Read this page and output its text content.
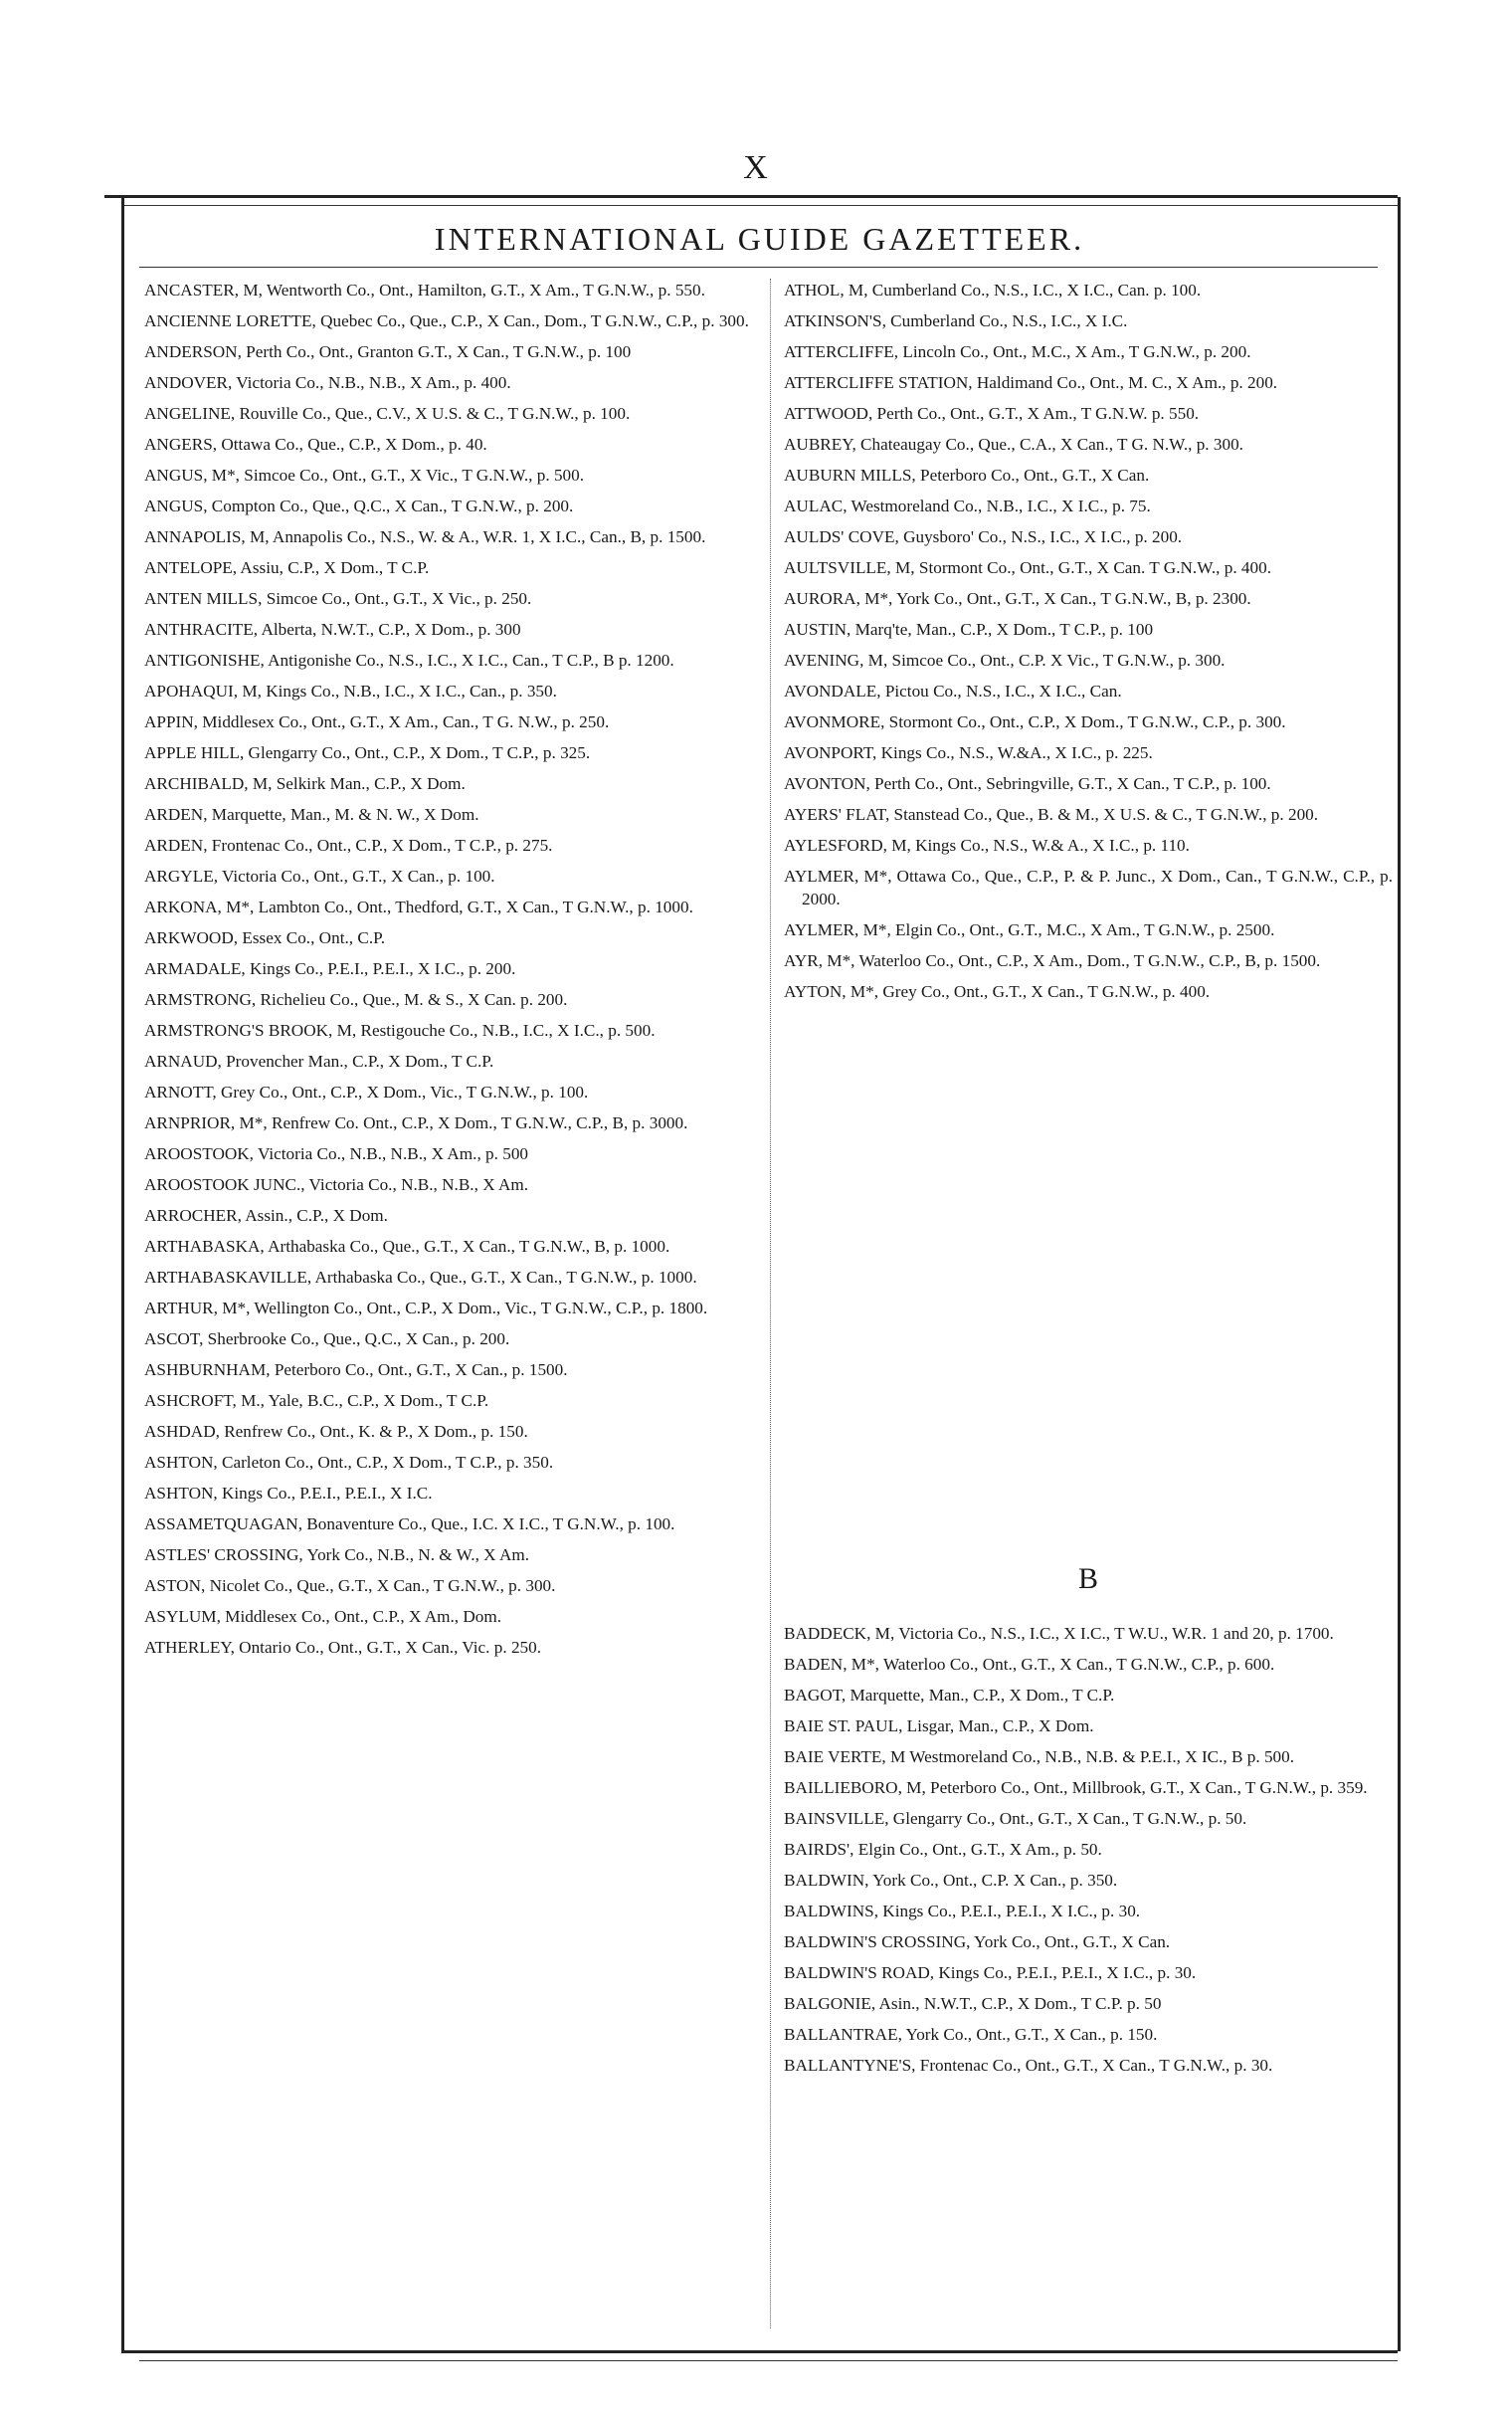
X
INTERNATIONAL GUIDE GAZETTEER.
ANCASTER, M, Wentworth Co., Ont., Hamilton, G.T., X Am., T G.N.W., p. 550.
ANCIENNE LORETTE, Quebec Co., Que., C.P., X Can., Dom., T G.N.W., C.P., p. 300.
ANDERSON, Perth Co., Ont., Granton G.T., X Can., T G.N.W., p. 100
ANDOVER, Victoria Co., N.B., N.B., X Am., p. 400.
ANGELINE, Rouville Co., Que., C.V., X U.S. & C., T G.N.W., p. 100.
ANGERS, Ottawa Co., Que., C.P., X Dom., p. 40.
ANGUS, M*, Simcoe Co., Ont., G.T., X Vic., T G.N.W., p. 500.
ANGUS, Compton Co., Que., Q.C., X Can., T G.N.W., p. 200.
ANNAPOLIS, M, Annapolis Co., N.S., W. & A., W.R. 1, X I.C., Can., B, p. 1500.
ANTELOPE, Assiu, C.P., X Dom., T C.P.
ANTEN MILLS, Simcoe Co., Ont., G.T., X Vic., p. 250.
ANTHRACITE, Alberta, N.W.T., C.P., X Dom., p. 300
ANTIGONISHE, Antigonishe Co., N.S., I.C., X I.C., Can., T C.P., B p. 1200.
APOHAQUI, M, Kings Co., N.B., I.C., X I.C., Can., p. 350.
APPIN, Middlesex Co., Ont., G.T., X Am., Can., T G. N.W., p. 250.
APPLE HILL, Glengarry Co., Ont., C.P., X Dom., T C.P., p. 325.
ARCHIBALD, M, Selkirk Man., C.P., X Dom.
ARDEN, Marquette, Man., M. & N. W., X Dom.
ARDEN, Frontenac Co., Ont., C.P., X Dom., T C.P., p. 275.
ARGYLE, Victoria Co., Ont., G.T., X Can., p. 100.
ARKONA, M*, Lambton Co., Ont., Thedford, G.T., X Can., T G.N.W., p. 1000.
ARKWOOD, Essex Co., Ont., C.P.
ARMADALE, Kings Co., P.E.I., P.E.I., X I.C., p. 200.
ARMSTRONG, Richelieu Co., Que., M. & S., X Can. p. 200.
ARMSTRONG'S BROOK, M, Restigouche Co., N.B., I.C., X I.C., p. 500.
ARNAUD, Provencher Man., C.P., X Dom., T C.P.
ARNOTT, Grey Co., Ont., C.P., X Dom., Vic., T G.N.W., p. 100.
ARNPRIOR, M*, Renfrew Co. Ont., C.P., X Dom., T G.N.W., C.P., B, p. 3000.
AROOSTOOK, Victoria Co., N.B., N.B., X Am., p. 500
AROOSTOOK JUNC., Victoria Co., N.B., N.B., X Am.
ARROCHER, Assin., C.P., X Dom.
ARTHABASKA, Arthabaska Co., Que., G.T., X Can., T G.N.W., B, p. 1000.
ARTHABASKAVILLE, Arthabaska Co., Que., G.T., X Can., T G.N.W., p. 1000.
ARTHUR, M*, Wellington Co., Ont., C.P., X Dom., Vic., T G.N.W., C.P., p. 1800.
ASCOT, Sherbrooke Co., Que., Q.C., X Can., p. 200.
ASHBURNHAM, Peterboro Co., Ont., G.T., X Can., p. 1500.
ASHCROFT, M., Yale, B.C., C.P., X Dom., T C.P.
ASHDAD, Renfrew Co., Ont., K. & P., X Dom., p. 150.
ASHTON, Carleton Co., Ont., C.P., X Dom., T C.P., p. 350.
ASHTON, Kings Co., P.E.I., P.E.I., X I.C.
ASSAMETQUAGAN, Bonaventure Co., Que., I.C. X I.C., T G.N.W., p. 100.
ASTLES' CROSSING, York Co., N.B., N. & W., X Am.
ASTON, Nicolet Co., Que., G.T., X Can., T G.N.W., p. 300.
ASYLUM, Middlesex Co., Ont., C.P., X Am., Dom.
ATHERLEY, Ontario Co., Ont., G.T., X Can., Vic. p. 250.
ATHOL, M, Cumberland Co., N.S., I.C., X I.C., Can. p. 100.
ATKINSON'S, Cumberland Co., N.S., I.C., X I.C.
ATTERCLIFFE, Lincoln Co., Ont., M.C., X Am., T G.N.W., p. 200.
ATTERCLIFFE STATION, Haldimand Co., Ont., M. C., X Am., p. 200.
ATTWOOD, Perth Co., Ont., G.T., X Am., T G.N.W. p. 550.
AUBREY, Chateaugay Co., Que., C.A., X Can., T G. N.W., p. 300.
AUBURN MILLS, Peterboro Co., Ont., G.T., X Can.
AULAC, Westmoreland Co., N.B., I.C., X I.C., p. 75.
AULDS' COVE, Guysboro' Co., N.S., I.C., X I.C., p. 200.
AULTSVILLE, M, Stormont Co., Ont., G.T., X Can. T G.N.W., p. 400.
AURORA, M*, York Co., Ont., G.T., X Can., T G.N.W., B, p. 2300.
AUSTIN, Marq'te, Man., C.P., X Dom., T C.P., p. 100
AVENING, M, Simcoe Co., Ont., C.P. X Vic., T G.N.W., p. 300.
AVONDALE, Pictou Co., N.S., I.C., X I.C., Can.
AVONMORE, Stormont Co., Ont., C.P., X Dom., T G.N.W., C.P., p. 300.
AVONPORT, Kings Co., N.S., W.&A., X I.C., p. 225.
AVONTON, Perth Co., Ont., Sebringville, G.T., X Can., T C.P., p. 100.
AYERS' FLAT, Stanstead Co., Que., B. & M., X U.S. & C., T G.N.W., p. 200.
AYLESFORD, M, Kings Co., N.S., W.& A., X I.C., p. 110.
AYLMER, M*, Ottawa Co., Que., C.P., P. & P. Junc., X Dom., Can., T G.N.W., C.P., p. 2000.
AYLMER, M*, Elgin Co., Ont., G.T., M.C., X Am., T G.N.W., p. 2500.
AYR, M*, Waterloo Co., Ont., C.P., X Am., Dom., T G.N.W., C.P., B, p. 1500.
AYTON, M*, Grey Co., Ont., G.T., X Can., T G.N.W., p. 400.
B
BADDECK, M, Victoria Co., N.S., I.C., X I.C., T W.U., W.R. 1 and 20, p. 1700.
BADEN, M*, Waterloo Co., Ont., G.T., X Can., T G.N.W., C.P., p. 600.
BAGOT, Marquette, Man., C.P., X Dom., T C.P.
BAIE ST. PAUL, Lisgar, Man., C.P., X Dom.
BAIE VERTE, M Westmoreland Co., N.B., N.B. & P.E.I., X IC., B p. 500.
BAILLIEBORO, M, Peterboro Co., Ont., Millbrook, G.T., X Can., T G.N.W., p. 359.
BAINSVILLE, Glengarry Co., Ont., G.T., X Can., T G.N.W., p. 50.
BAIRDS', Elgin Co., Ont., G.T., X Am., p. 50.
BALDWIN, York Co., Ont., C.P. X Can., p. 350.
BALDWINS, Kings Co., P.E.I., P.E.I., X I.C., p. 30.
BALDWIN'S CROSSING, York Co., Ont., G.T., X Can.
BALDWIN'S ROAD, Kings Co., P.E.I., P.E.I., X I.C., p. 30.
BALGONIE, Asin., N.W.T., C.P., X Dom., T C.P. p. 50
BALLANTRAE, York Co., Ont., G.T., X Can., p. 150.
BALLANTYNE'S, Frontenac Co., Ont., G.T., X Can., T G.N.W., p. 30.
